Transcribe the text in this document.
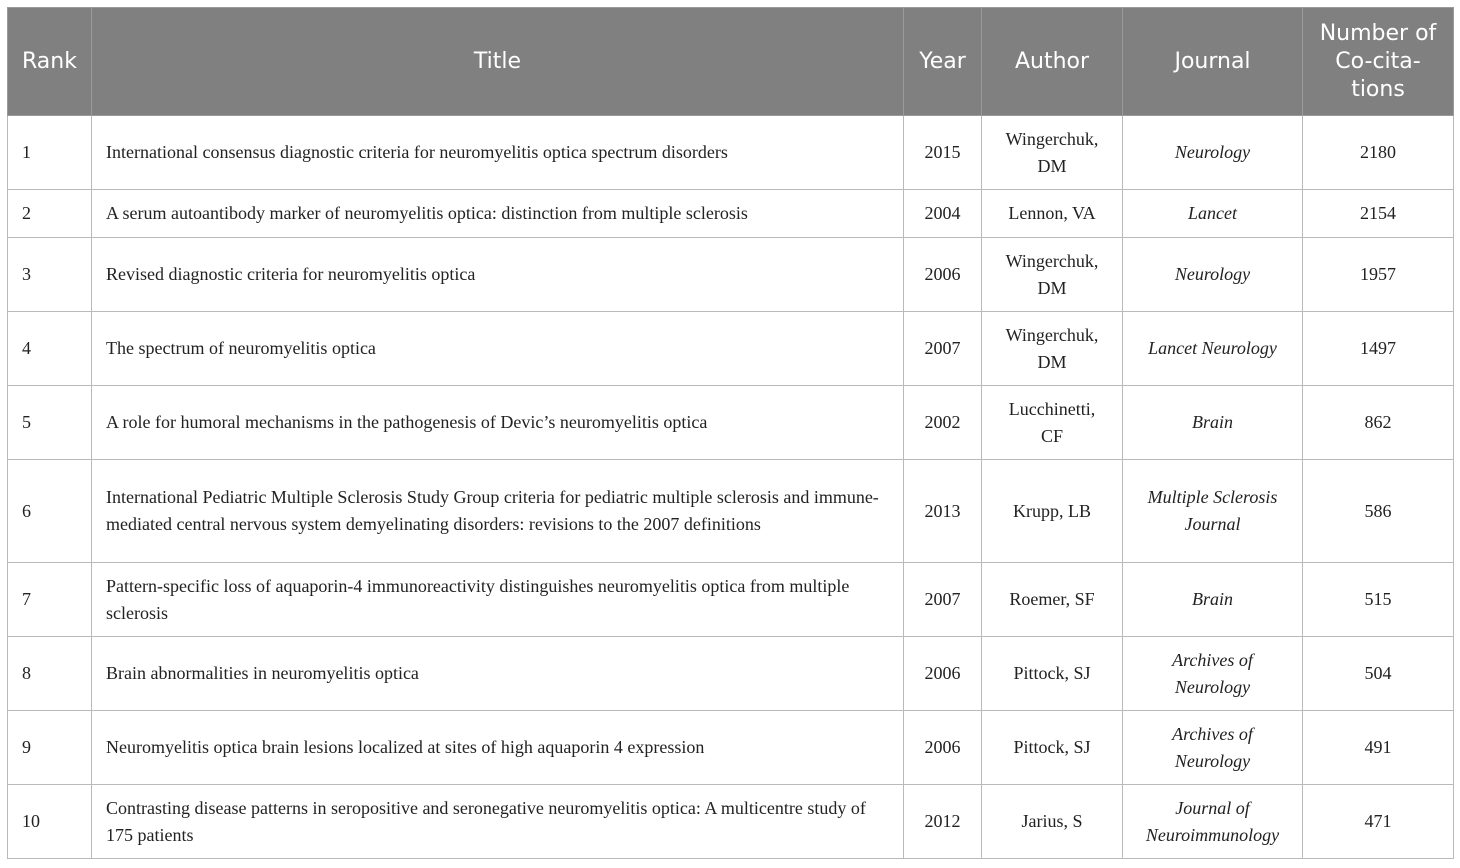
Rank	Title	Year	Author	Journal	Number of Co-cita-tions
1	International consensus diagnostic criteria for neuromyelitis optica spectrum disorders	2015	Wingerchuk, DM	Neurology	2180
2	A serum autoantibody marker of neuromyelitis optica: distinction from multiple sclerosis	2004	Lennon, VA	Lancet	2154
3	Revised diagnostic criteria for neuromyelitis optica	2006	Wingerchuk, DM	Neurology	1957
4	The spectrum of neuromyelitis optica	2007	Wingerchuk, DM	Lancet Neurology	1497
5	A role for humoral mechanisms in the pathogenesis of Devic’s neuromyelitis optica	2002	Lucchinetti, CF	Brain	862
6	International Pediatric Multiple Sclerosis Study Group criteria for pediatric multiple sclerosis and immune-mediated central nervous system demyelinating disorders: revisions to the 2007 definitions	2013	Krupp, LB	Multiple Sclerosis Journal	586
7	Pattern-specific loss of aquaporin-4 immunoreactivity distinguishes neuromyelitis optica from multiple sclerosis	2007	Roemer, SF	Brain	515
8	Brain abnormalities in neuromyelitis optica	2006	Pittock, SJ	Archives of Neurology	504
9	Neuromyelitis optica brain lesions localized at sites of high aquaporin 4 expression	2006	Pittock, SJ	Archives of Neurology	491
10	Contrasting disease patterns in seropositive and seronegative neuromyelitis optica: A multicentre study of 175 patients	2012	Jarius, S	Journal of Neuroimmunology	471
